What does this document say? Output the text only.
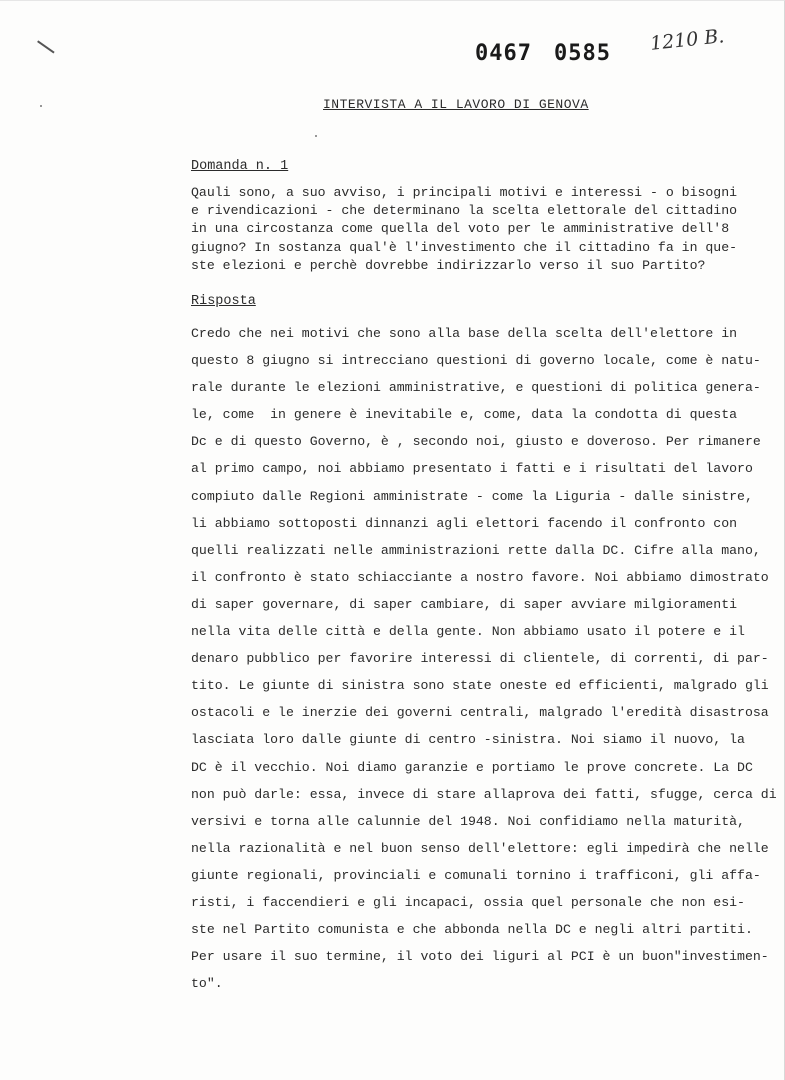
0467 0585 1210 B.
INTERVISTA A IL LAVORO DI GENOVA
Domanda n. 1
Qauli sono, a suo avviso, i principali motivi e interessi - o bisogni
e rivendicazioni - che determinano la scelta elettorale del cittadino
in una circostanza come quella del voto per le amministrative dell'8
giugno? In sostanza qual'è l'investimento che il cittadino fa in que-
ste elezioni e perchè dovrebbe indirizzarlo verso il suo Partito?
Risposta
Credo che nei motivi che sono alla base della scelta dell'elettore in
questo 8 giugno si intrecciano questioni di governo locale, come è natu-
rale durante le elezioni amministrative, e questioni di politica genera-
le, come  in genere è inevitabile e, come, data la condotta di questa
Dc e di questo Governo, è , secondo noi, giusto e doveroso. Per rimanere
al primo campo, noi abbiamo presentato i fatti e i risultati del lavoro
compiuto dalle Regioni amministrate - come la Liguria - dalle sinistre,
li abbiamo sottoposti dinnanzi agli elettori facendo il confronto con
quelli realizzati nelle amministrazioni rette dalla DC. Cifre alla mano,
il confronto è stato schiacciante a nostro favore. Noi abbiamo dimostrato
di saper governare, di saper cambiare, di saper avviare milgioramenti
nella vita delle città e della gente. Non abbiamo usato il potere e il
denaro pubblico per favorire interessi di clientele, di correnti, di par-
tito. Le giunte di sinistra sono state oneste ed efficienti, malgrado gli
ostacoli e le inerzie dei governi centrali, malgrado l'eredità disastrosa
lasciata loro dalle giunte di centro -sinistra. Noi siamo il nuovo, la
DC è il vecchio. Noi diamo garanzie e portiamo le prove concrete. La DC
non può darle: essa, invece di stare allaprova dei fatti, sfugge, cerca di
versivi e torna alle calunnie del 1948. Noi confidiamo nella maturità,
nella razionalità e nel buon senso dell'elettore: egli impedirà che nelle
giunte regionali, provinciali e comunali tornino i trafficoni, gli affa-
risti, i faccendieri e gli incapaci, ossia quel personale che non esi-
ste nel Partito comunista e che abbonda nella DC e negli altri partiti.
Per usare il suo termine, il voto dei liguri al PCI è un buon"investimen-
to".
